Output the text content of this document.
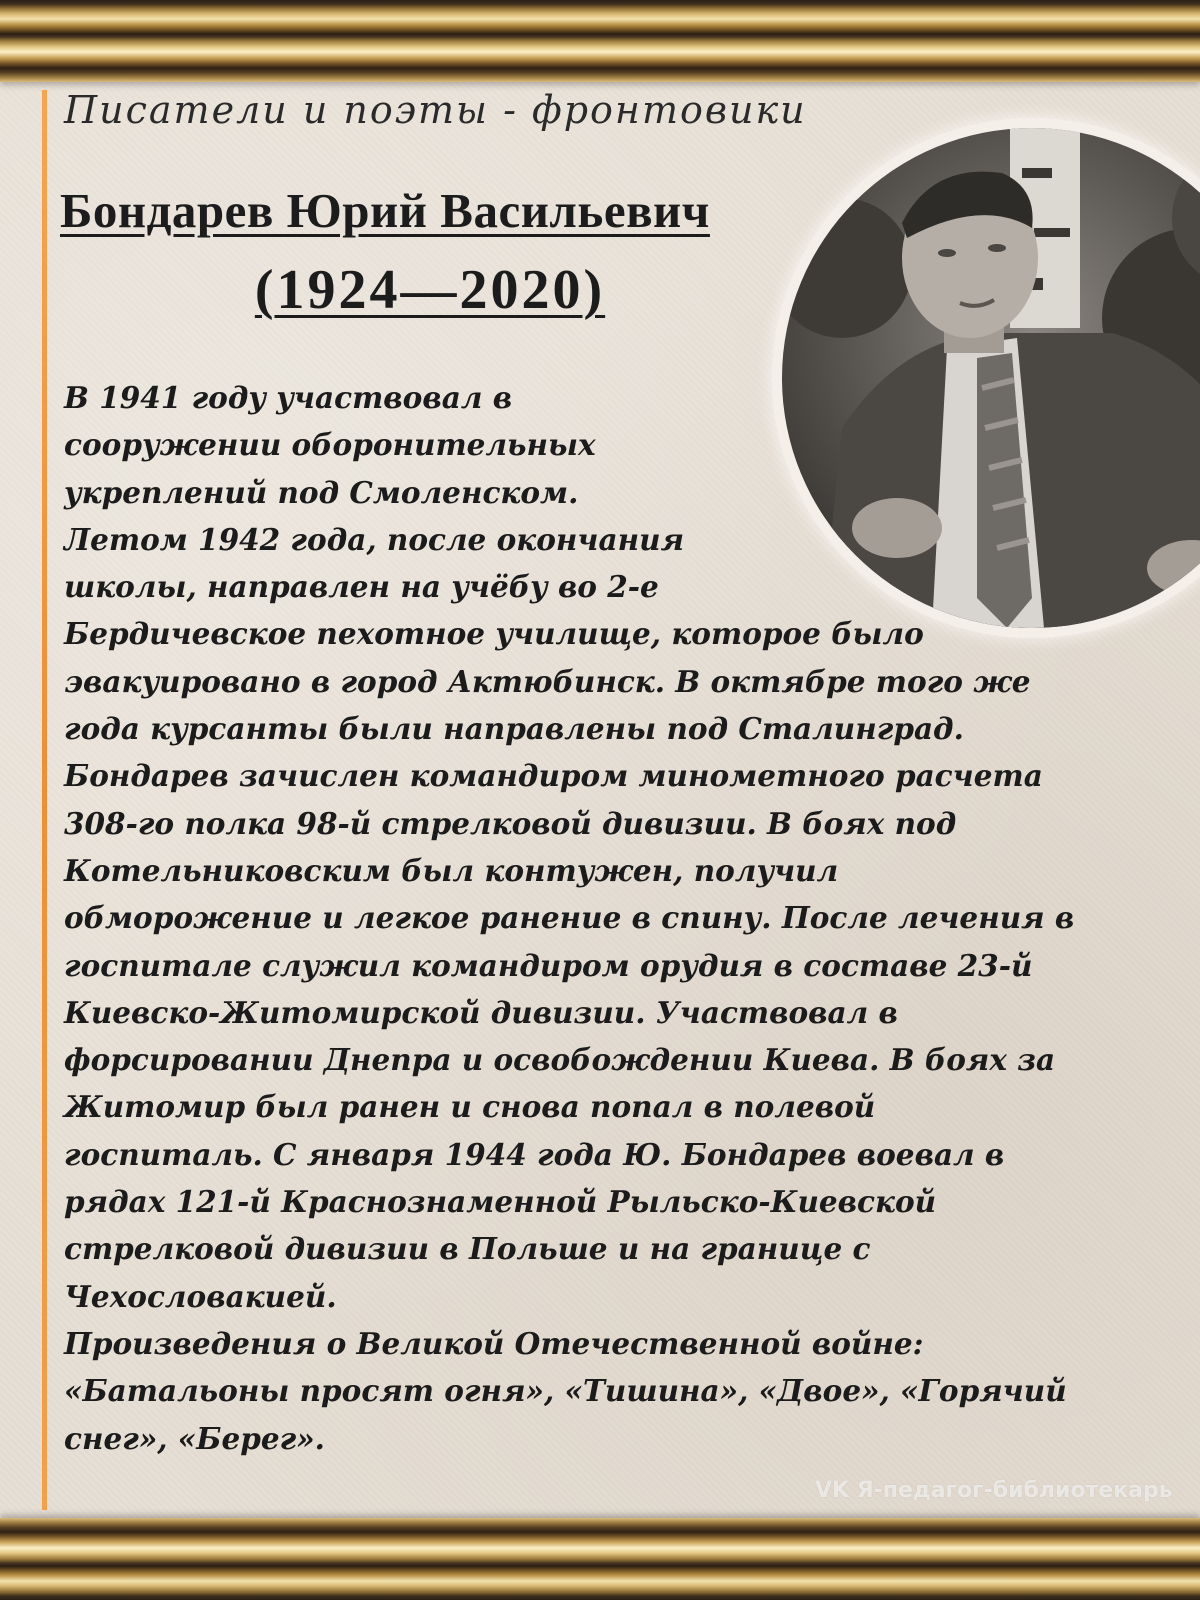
Писатели и поэты - фронтовики
Бондарев Юрий Васильевич
(1924—2020)
В 1941 году участвовал в
сооружении оборонительных
укреплений под Смоленском.
Летом 1942 года, после окончания
школы, направлен на учёбу во 2-е
Бердичевское пехотное училище, которое было
эвакуировано в город Актюбинск. В октябре того же
года курсанты были направлены под Сталинград.
Бондарев зачислен командиром минометного расчета
308-го полка 98-й стрелковой дивизии. В боях под
Котельниковским был контужен, получил
обморожение и легкое ранение в спину. После лечения в
госпитале служил командиром орудия в составе 23-й
Киевско-Житомирской дивизии. Участвовал в
форсировании Днепра и освобождении Киева. В боях за
Житомир был ранен и снова попал в полевой
госпиталь. С января 1944 года Ю. Бондарев воевал в
рядах 121-й Краснознаменной Рыльско-Киевской
стрелковой дивизии в Польше и на границе с
Чехословакией.
Произведения о Великой Отечественной войне:
«Батальоны просят огня», «Тишина», «Двое», «Горячий
снег», «Берег».
VK Я-педагог-библиотекарь
